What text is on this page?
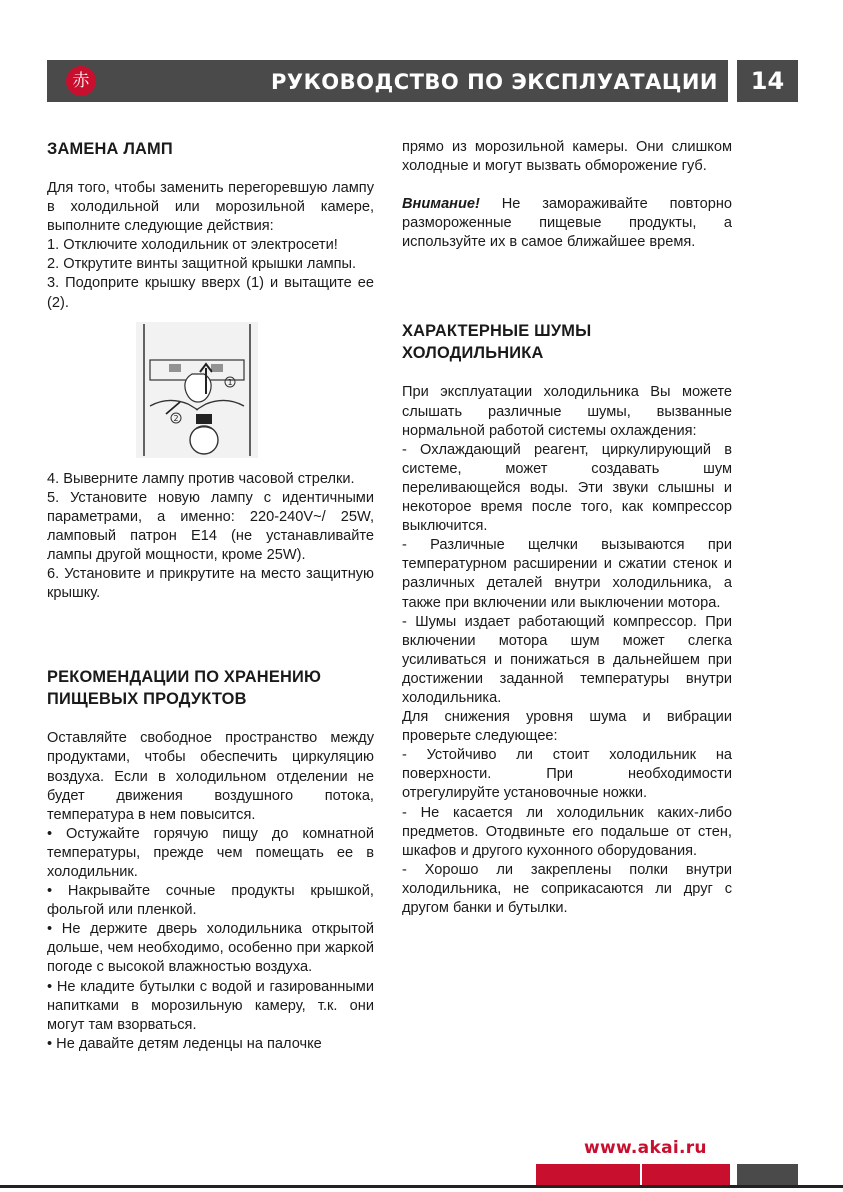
赤	РУКОВОДСТВО ПО ЭКСПЛУАТАЦИИ	14
ЗАМЕНА ЛАМП

Для того, чтобы заменить перегоревшую лампу в холодильной или морозильной камере, выполните следующие действия:

1. Отключите холодильник от электросети!

2. Открутите винты защитной крышки лампы.

3. Подоприте крышку вверх (1) и вытащите ее (2).

1
2

4. Выверните лампу против часовой стрелки.

5. Установите новую лампу с идентичными параметрами, а именно: 220-240V~/ 25W, ламповый патрон E14 (не устанавливайте лампы другой мощности, кроме 25W).

6. Установите и прикрутите на место защитную крышку.

РЕКОМЕНДАЦИИ ПО ХРАНЕНИЮ ПИЩЕВЫХ ПРОДУКТОВ

Оставляйте свободное пространство между продуктами, чтобы обеспечить циркуляцию воздуха. Если в холодильном отделении не будет движения воздушного потока, температура в нем повысится.

• Остужайте горячую пищу до комнатной температуры, прежде чем помещать ее в холодильник.

• Накрывайте сочные продукты крышкой, фольгой или пленкой.

• Не держите дверь холодильника открытой дольше, чем необходимо, особенно при жаркой погоде с высокой влажностью воздуха.

• Не кладите бутылки с водой и газированными напитками в морозильную камеру, т.к. они могут там взорваться.

• Не давайте детям леденцы на палочке

прямо из морозильной камеры. Они слишком холодные и могут вызвать обморожение губ.

Внимание! Не замораживайте повторно размороженные пищевые продукты, а используйте их в самое ближайшее время.

ХАРАКТЕРНЫЕ ШУМЫ ХОЛОДИЛЬНИКА

При эксплуатации холодильника Вы можете слышать различные шумы, вызванные нормальной работой системы охлаждения:

- Охлаждающий реагент, циркулирующий в системе, может создавать шум переливающейся воды. Эти звуки слышны и некоторое время после того, как компрессор выключится.

- Различные щелчки вызываются при температурном расширении и сжатии стенок и различных деталей внутри холодильника, а также при включении или выключении мотора.

- Шумы издает работающий компрессор. При включении мотора шум может слегка усиливаться и понижаться в дальнейшем при достижении заданной температуры внутри холодильника.

Для снижения уровня шума и вибрации проверьте следующее:

- Устойчиво ли стоит холодильник на поверхности. При необходимости отрегулируйте установочные ножки.

- Не касается ли холодильник каких-либо предметов. Отодвиньте его подальше от стен, шкафов и другого кухонного оборудования.

- Хорошо ли закреплены полки внутри холодильника, не соприкасаются ли друг с другом банки и бутылки.

www.akai.ru
